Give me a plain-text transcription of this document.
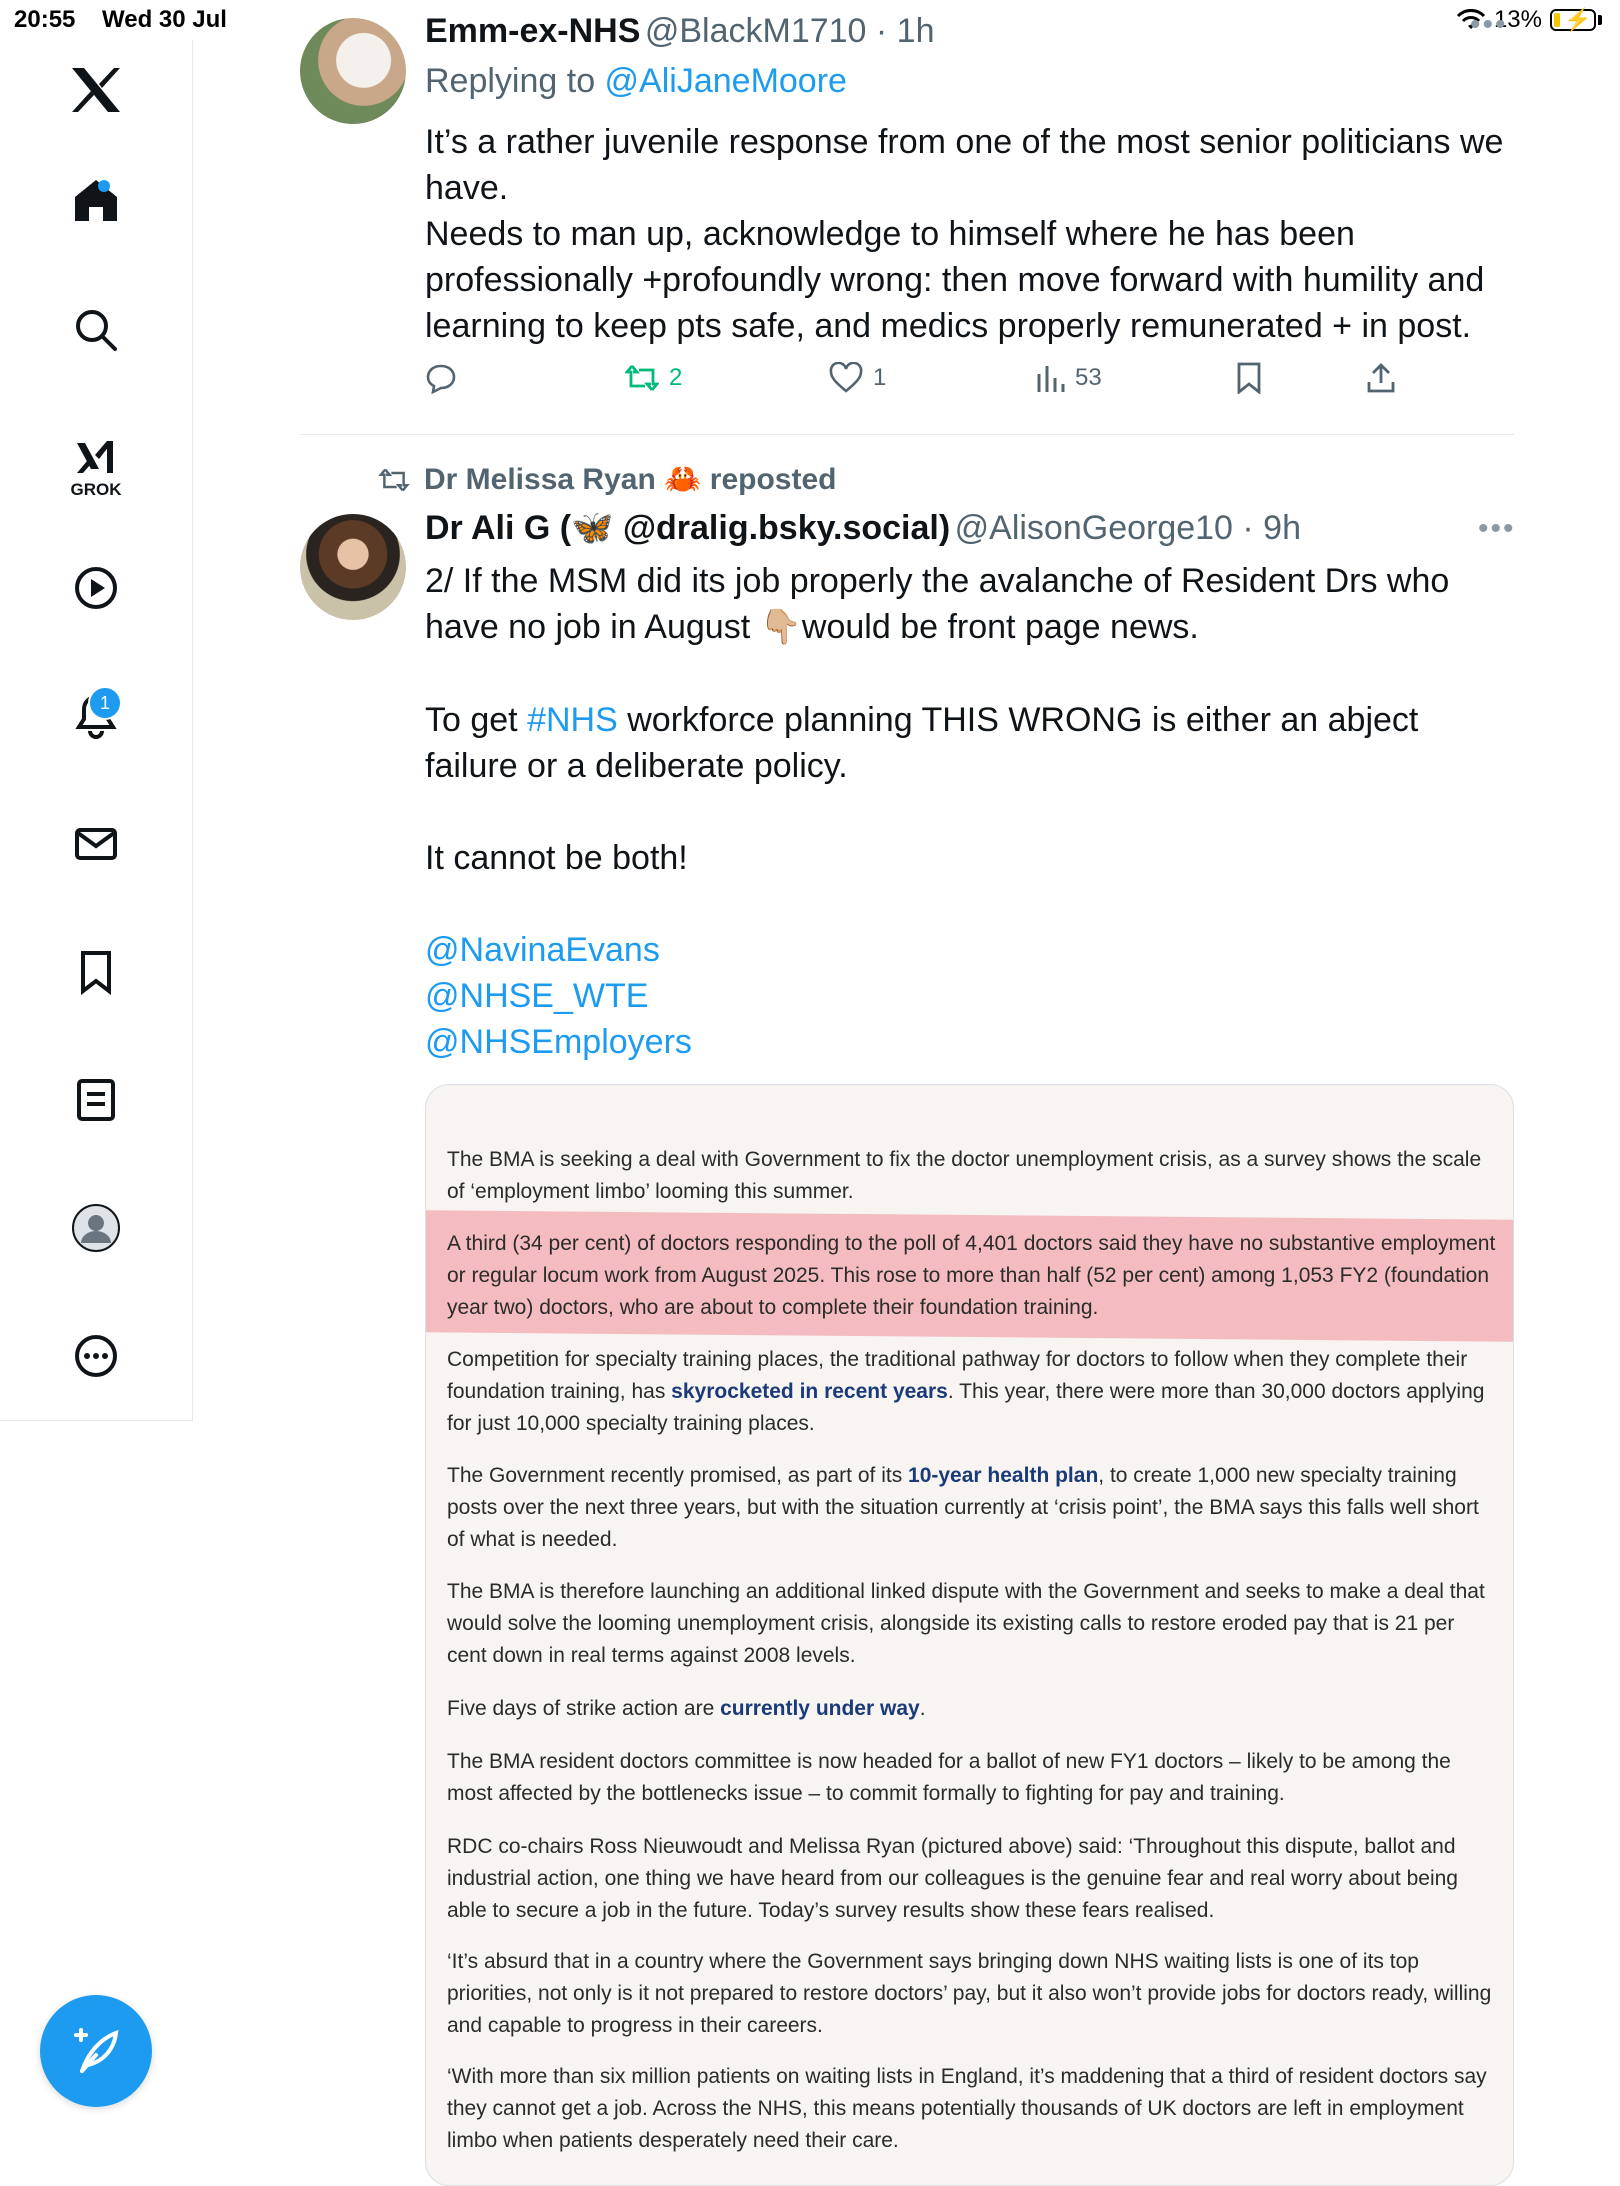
20:55 Wed 30 Jul	13% ⚡
GROK
1
Emm-ex-NHS @BlackM1710 · 1h	•••
Replying to @AliJaneMoore
It’s a rather juvenile response from one of the most senior politicians we have.
Needs to man up, acknowledge to himself where he has been professionally +profoundly wrong: then move forward with humility and learning to keep pts safe, and medics properly remunerated + in post.
2	1	53
Dr Melissa Ryan 🦀 reposted
Dr Ali G (🦋 @dralig.bsky.social) @AlisonGeorge10 · 9h	•••
2/ If the MSM did its job properly the avalanche of Resident Drs who have no job in August 👇🏼would be front page news.
To get #NHS workforce planning THIS WRONG is either an abject failure or a deliberate policy.
It cannot be both!
@NavinaEvans
@NHSE_WTE
@NHSEmployers

The BMA is seeking a deal with Government to fix the doctor unemployment crisis, as a survey shows the scale of ‘employment limbo’ looming this summer.

A third (34 per cent) of doctors responding to the poll of 4,401 doctors said they have no substantive employment or regular locum work from August 2025. This rose to more than half (52 per cent) among 1,053 FY2 (foundation year two) doctors, who are about to complete their foundation training.

Competition for specialty training places, the traditional pathway for doctors to follow when they complete their foundation training, has skyrocketed in recent years. This year, there were more than 30,000 doctors applying for just 10,000 specialty training places.

The Government recently promised, as part of its 10-year health plan, to create 1,000 new specialty training posts over the next three years, but with the situation currently at ‘crisis point’, the BMA says this falls well short of what is needed.

The BMA is therefore launching an additional linked dispute with the Government and seeks to make a deal that would solve the looming unemployment crisis, alongside its existing calls to restore eroded pay that is 21 per cent down in real terms against 2008 levels.

Five days of strike action are currently under way.

The BMA resident doctors committee is now headed for a ballot of new FY1 doctors – likely to be among the most affected by the bottlenecks issue – to commit formally to fighting for pay and training.

RDC co-chairs Ross Nieuwoudt and Melissa Ryan (pictured above) said: ‘Throughout this dispute, ballot and industrial action, one thing we have heard from our colleagues is the genuine fear and real worry about being able to secure a job in the future. Today’s survey results show these fears realised.

‘It’s absurd that in a country where the Government says bringing down NHS waiting lists is one of its top priorities, not only is it not prepared to restore doctors’ pay, but it also won’t provide jobs for doctors ready, willing and capable to progress in their careers.

‘With more than six million patients on waiting lists in England, it’s maddening that a third of resident doctors say they cannot get a job. Across the NHS, this means potentially thousands of UK doctors are left in employment limbo when patients desperately need their care.
